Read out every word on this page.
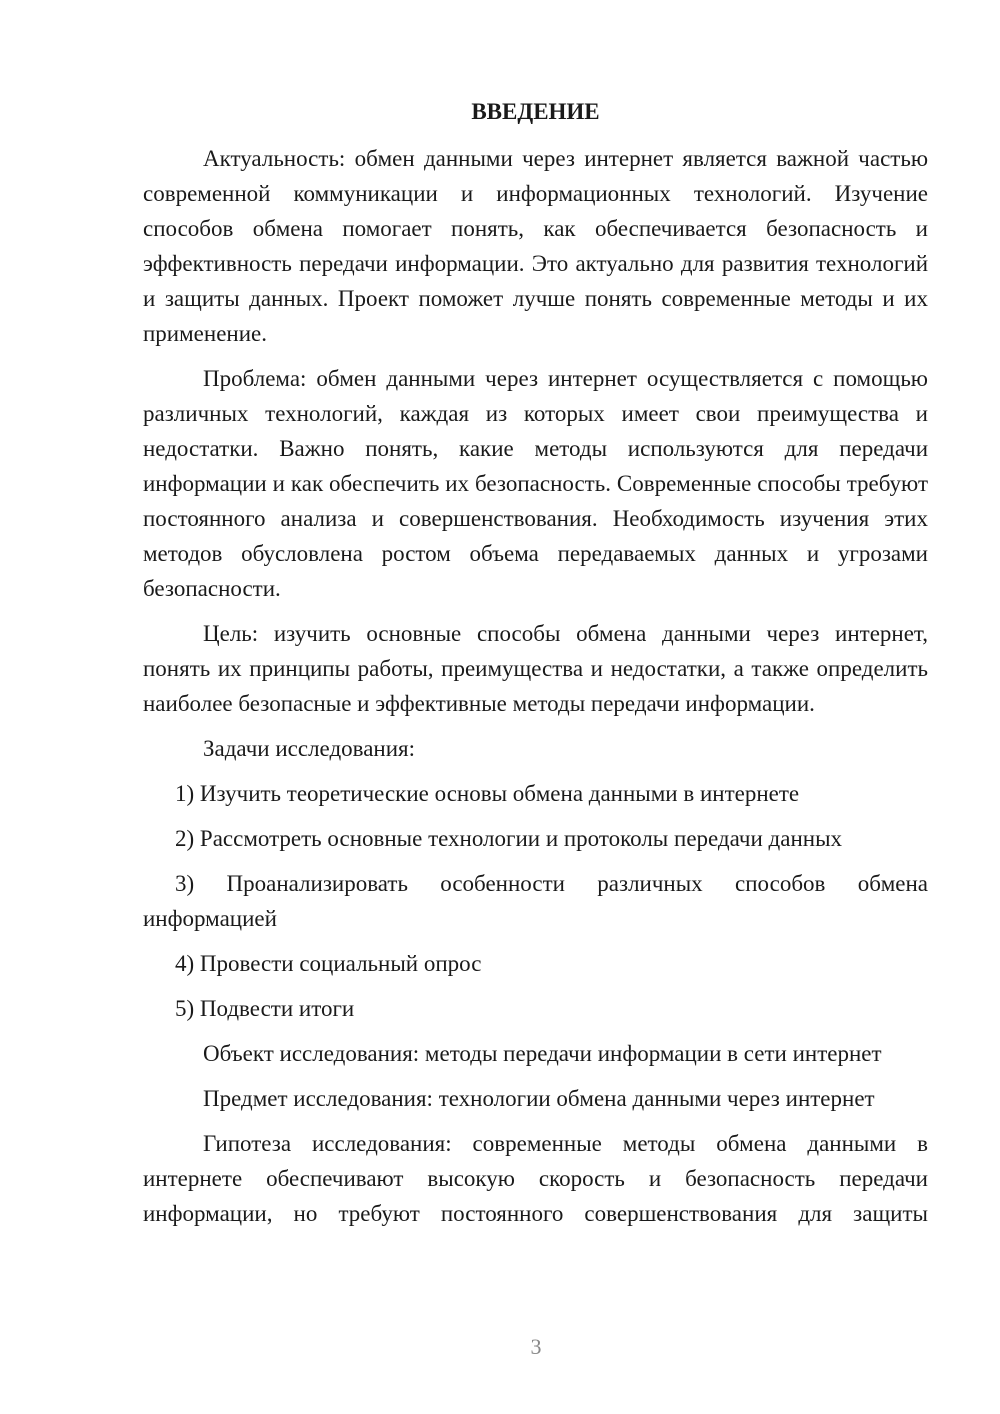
ВВЕДЕНИЕ

Актуальность: обмен данными через интернет является важной частью современной коммуникации и информационных технологий. Изучение способов обмена помогает понять, как обеспечивается безопасность и эффективность передачи информации. Это актуально для развития технологий и защиты данных. Проект поможет лучше понять современные методы и их применение.

Проблема: обмен данными через интернет осуществляется с помощью различных технологий, каждая из которых имеет свои преимущества и недостатки. Важно понять, какие методы используются для передачи информации и как обеспечить их безопасность. Современные способы требуют постоянного анализа и совершенствования. Необходимость изучения этих методов обусловлена ростом объема передаваемых данных и угрозами безопасности.

Цель: изучить основные способы обмена данными через интернет, понять их принципы работы, преимущества и недостатки, а также определить наиболее безопасные и эффективные методы передачи информации.

Задачи исследования:

1) Изучить теоретические основы обмена данными в интернете

2) Рассмотреть основные технологии и протоколы передачи данных

3) Проанализировать особенности различных способов обмена информацией

4) Провести социальный опрос

5) Подвести итоги

Объект исследования: методы передачи информации в сети интернет

Предмет исследования: технологии обмена данными через интернет

Гипотеза исследования: современные методы обмена данными в интернете обеспечивают высокую скорость и безопасность передачи информации, но требуют постоянного совершенствования для защиты

3
